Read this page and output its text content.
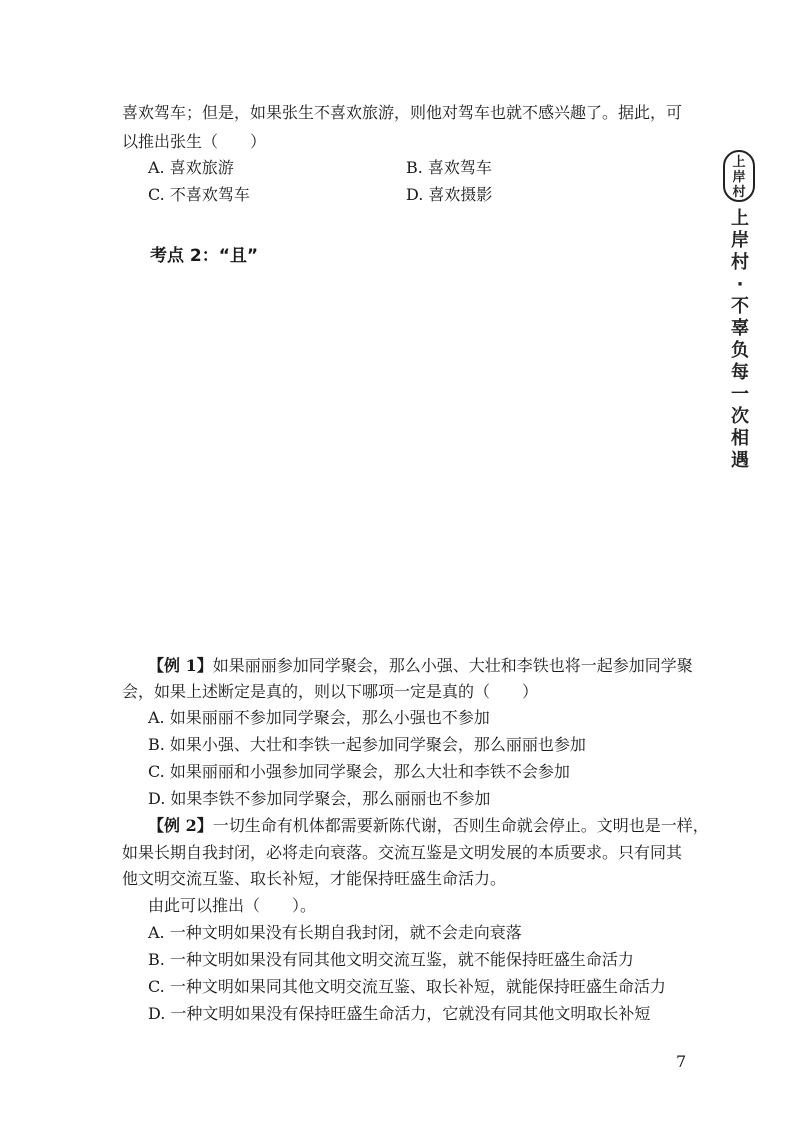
喜欢驾车；但是，如果张生不喜欢旅游，则他对驾车也就不感兴趣了。据此，可
以推出张生（　　）
A. 喜欢旅游	B. 喜欢驾车
C. 不喜欢驾车	D. 喜欢摄影
考点 2：“且”
【例 1】如果丽丽参加同学聚会，那么小强、大壮和李铁也将一起参加同学聚
会，如果上述断定是真的，则以下哪项一定是真的（　　）
A. 如果丽丽不参加同学聚会，那么小强也不参加
B. 如果小强、大壮和李铁一起参加同学聚会，那么丽丽也参加
C. 如果丽丽和小强参加同学聚会，那么大壮和李铁不会参加
D. 如果李铁不参加同学聚会，那么丽丽也不参加
【例 2】一切生命有机体都需要新陈代谢，否则生命就会停止。文明也是一样，
如果长期自我封闭，必将走向衰落。交流互鉴是文明发展的本质要求。只有同其
他文明交流互鉴、取长补短，才能保持旺盛生命活力。
由此可以推出（　　）。
A. 一种文明如果没有长期自我封闭，就不会走向衰落
B. 一种文明如果没有同其他文明交流互鉴，就不能保持旺盛生命活力
C. 一种文明如果同其他文明交流互鉴、取长补短，就能保持旺盛生命活力
D. 一种文明如果没有保持旺盛生命活力，它就没有同其他文明取长补短
7
上
岸
村
上
岸
村
·
不
辜
负
每
一
次
相
遇
